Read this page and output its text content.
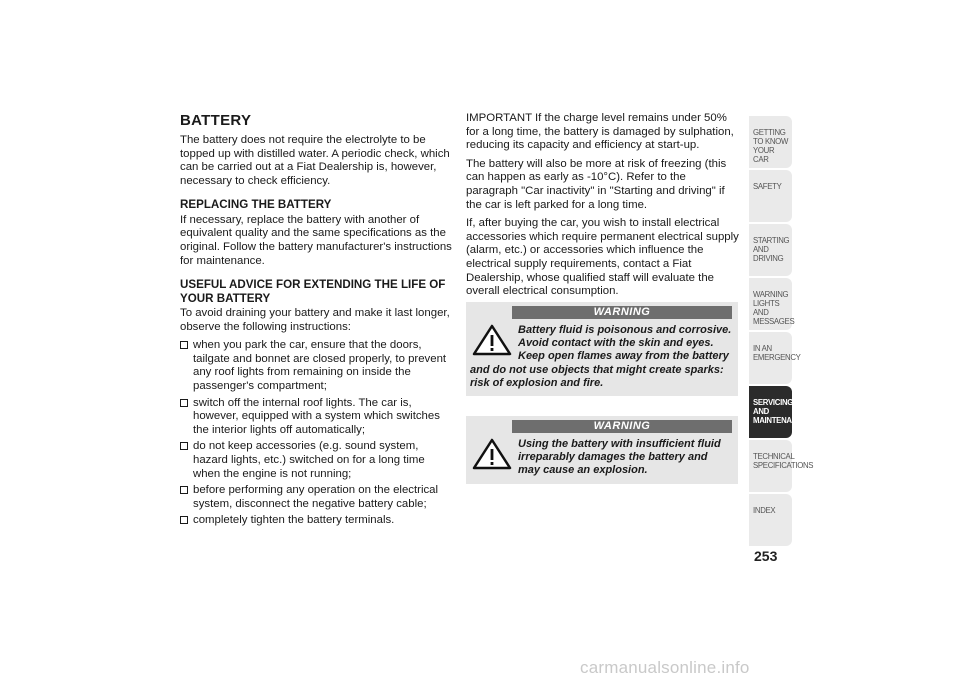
BATTERY

The battery does not require the electrolyte to be topped up with distilled water. A periodic check, which can be carried out at a Fiat Dealership is, however, necessary to check efficiency.

REPLACING THE BATTERY

If necessary, replace the battery with another of equivalent quality and the same specifications as the original. Follow the battery manufacturer's instructions for maintenance.

USEFUL ADVICE FOR EXTENDING THE LIFE OF YOUR BATTERY

To avoid draining your battery and make it last longer, observe the following instructions:

when you park the car, ensure that the doors, tailgate and bonnet are closed properly, to prevent any roof lights from remaining on inside the passenger's compartment;
switch off the internal roof lights. The car is, however, equipped with a system which switches the interior lights off automatically;
do not keep accessories (e.g. sound system, hazard lights, etc.) switched on for a long time when the engine is not running;
before performing any operation on the electrical system, disconnect the negative battery cable;
completely tighten the battery terminals.

IMPORTANT If the charge level remains under 50% for a long time, the battery is damaged by sulphation, reducing its capacity and efficiency at start-up.

The battery will also be more at risk of freezing (this can happen as early as -10°C). Refer to the paragraph "Car inactivity" in "Starting and driving" if the car is left parked for a long time.

If, after buying the car, you wish to install electrical accessories which require permanent electrical supply (alarm, etc.) or accessories which influence the electrical supply requirements, contact a Fiat Dealership, whose qualified staff will evaluate the overall electrical consumption.

WARNING
Battery fluid is poisonous and corrosive. Avoid contact with the skin and eyes. Keep open flames away from the battery and do not use objects that might create sparks: risk of explosion and fire.
WARNING
Using the battery with insufficient fluid irreparably damages the battery and may cause an explosion.
GETTING TO KNOW YOUR CAR
SAFETY
STARTING AND DRIVING
WARNING LIGHTS AND MESSAGES
IN AN EMERGENCY
SERVICING AND MAINTENANCE
TECHNICAL SPECIFICATIONS
INDEX
253
carmanualsonline.info
